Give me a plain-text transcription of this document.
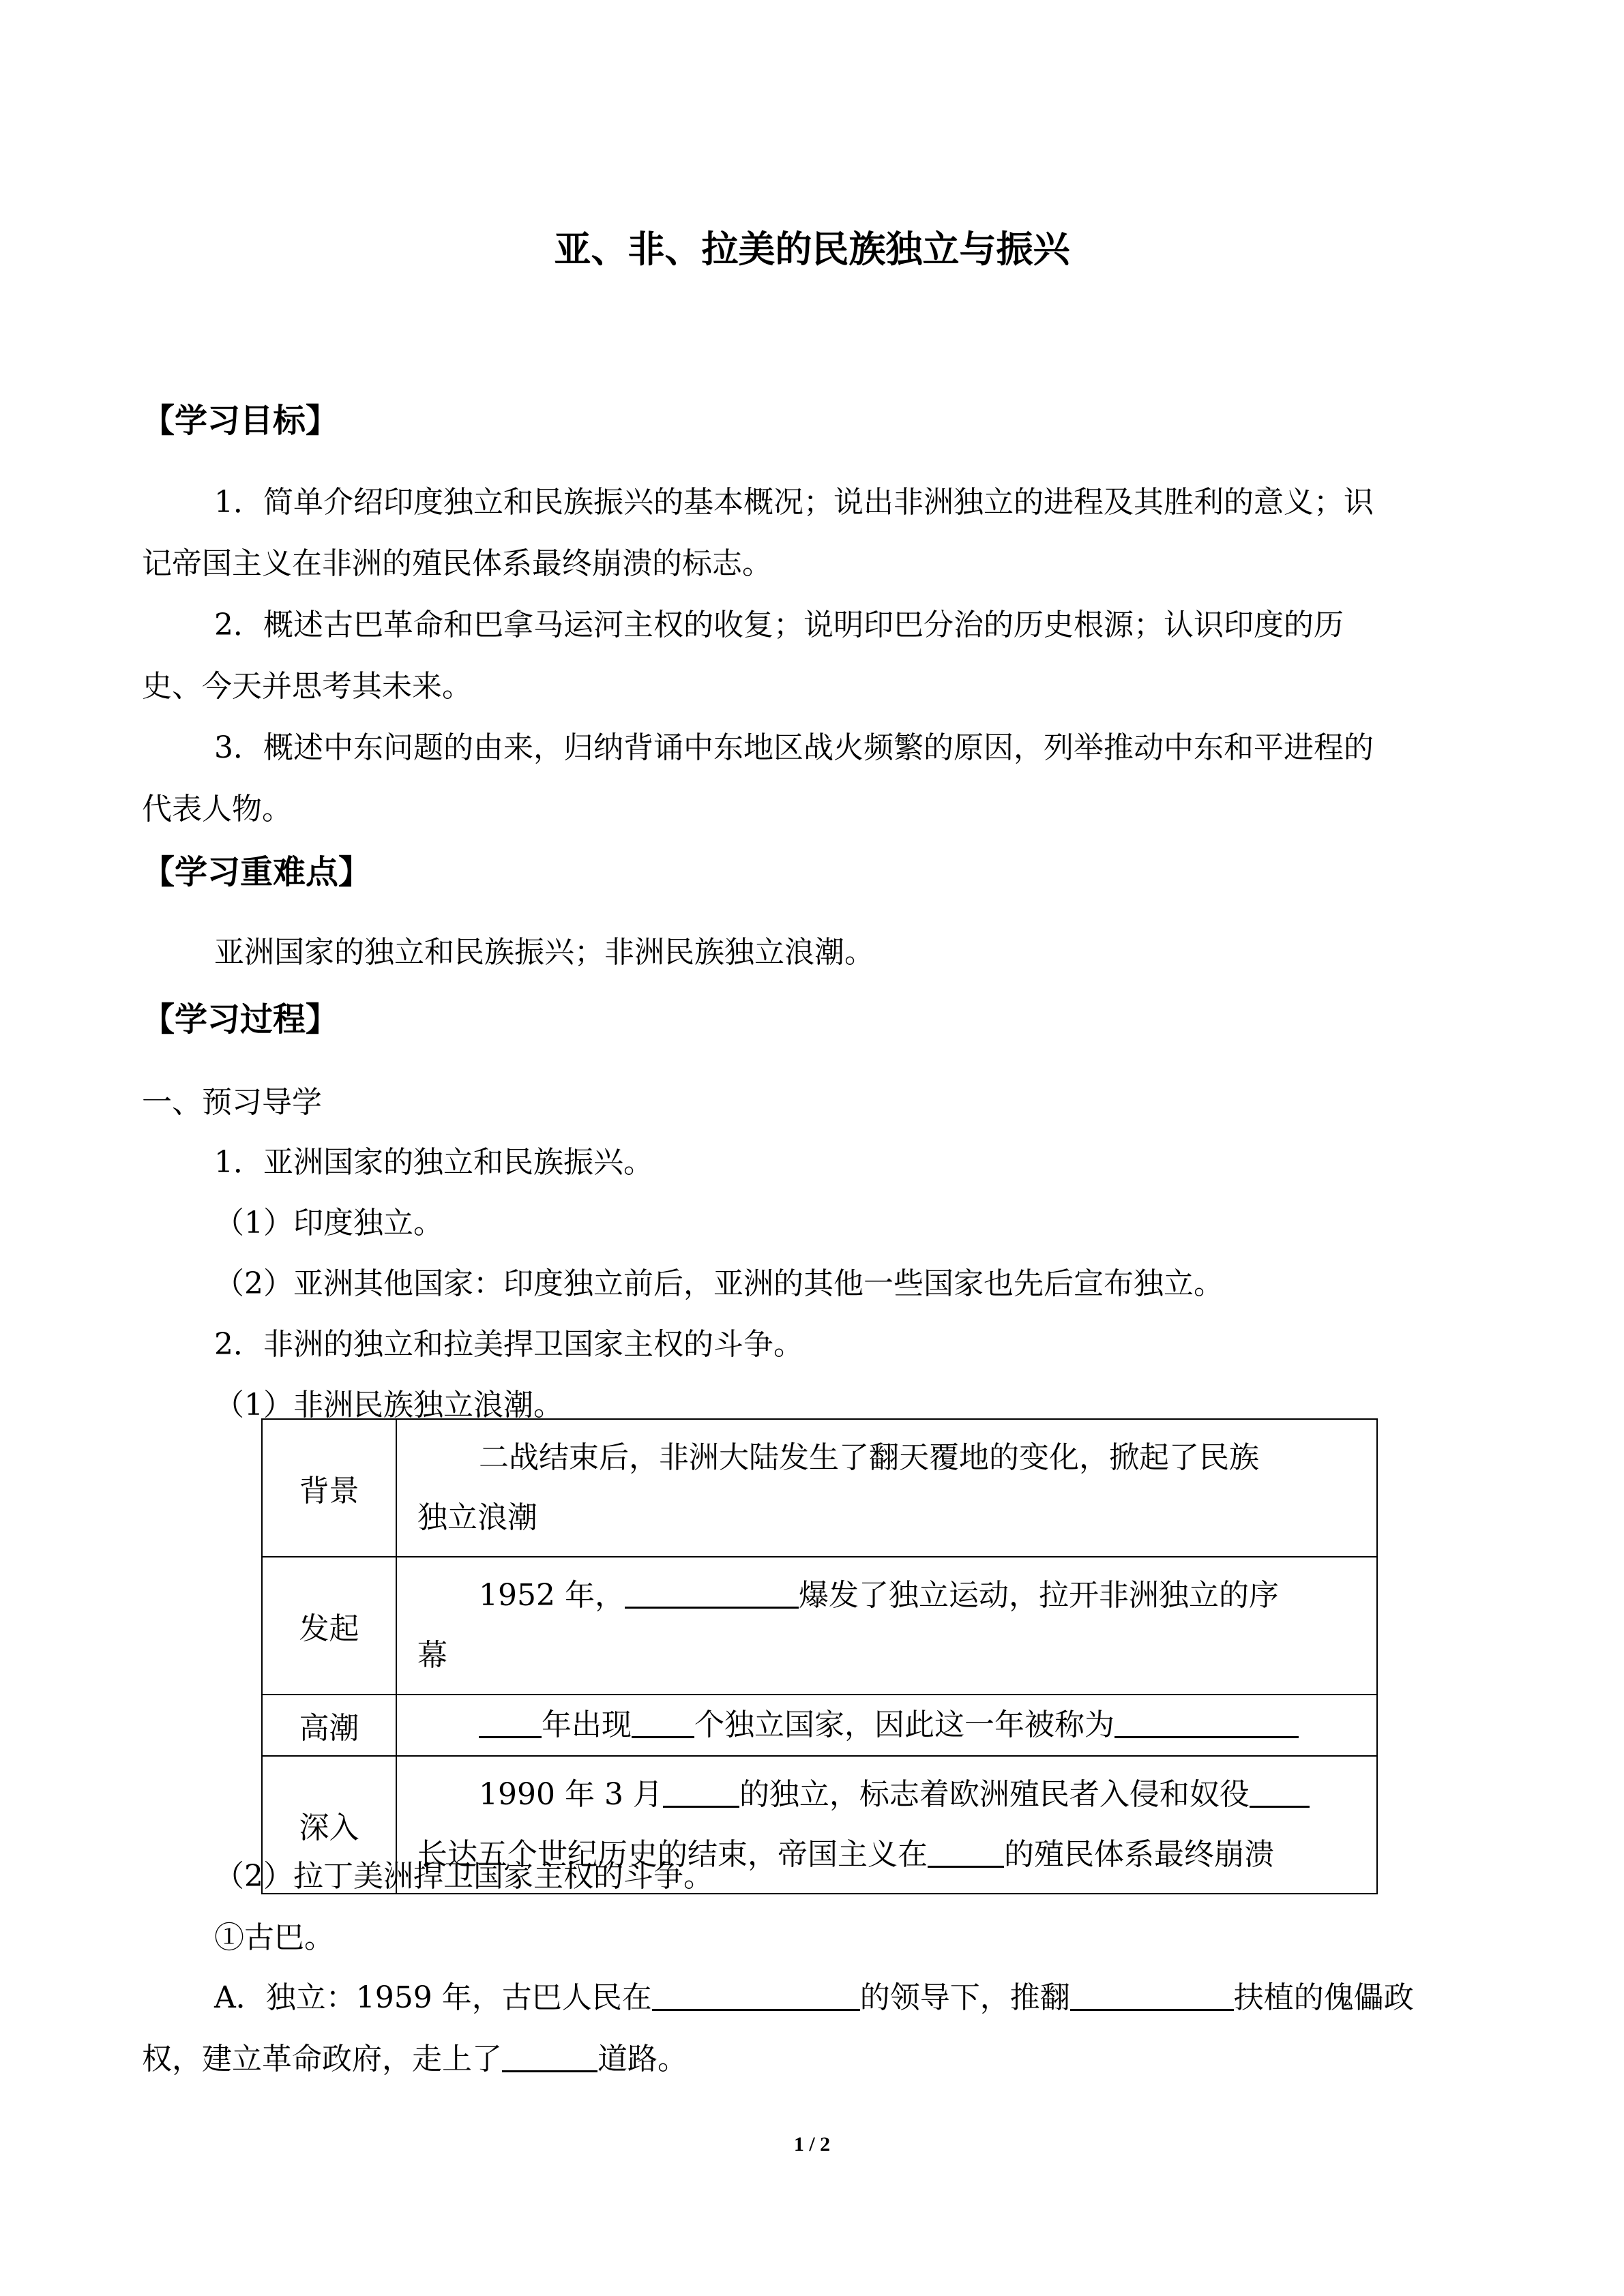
亚、非、拉美的民族独立与振兴
【学习目标】
1．简单介绍印度独立和民族振兴的基本概况；说出非洲独立的进程及其胜利的意义；识
记帝国主义在非洲的殖民体系最终崩溃的标志。
2．概述古巴革命和巴拿马运河主权的收复；说明印巴分治的历史根源；认识印度的历
史、今天并思考其未来。
3．概述中东问题的由来，归纳背诵中东地区战火频繁的原因，列举推动中东和平进程的
代表人物。
【学习重难点】
亚洲国家的独立和民族振兴；非洲民族独立浪潮。
【学习过程】
一、预习导学
1．亚洲国家的独立和民族振兴。
（1）印度独立。
（2）亚洲其他国家：印度独立前后，亚洲的其他一些国家也先后宣布独立。
2．非洲的独立和拉美捍卫国家主权的斗争。
（1）非洲民族独立浪潮。
背景	二战结束后，非洲大陆发生了翻天覆地的变化，掀起了民族
独立浪潮

发起	1952 年， 爆发了独立运动，拉开非洲独立的序
幕

高潮	年出现 个独立国家，因此这一年被称为

深入	1990 年 3 月 的独立，标志着欧洲殖民者入侵和奴役
长达五个世纪历史的结束，帝国主义在 的殖民体系最终崩溃
（2）拉丁美洲捍卫国家主权的斗争。
①古巴。
A．独立：1959 年，古巴人民在	的领导下，推翻	扶植的傀儡政
权，建立革命政府，走上了	道路。
1 / 2
